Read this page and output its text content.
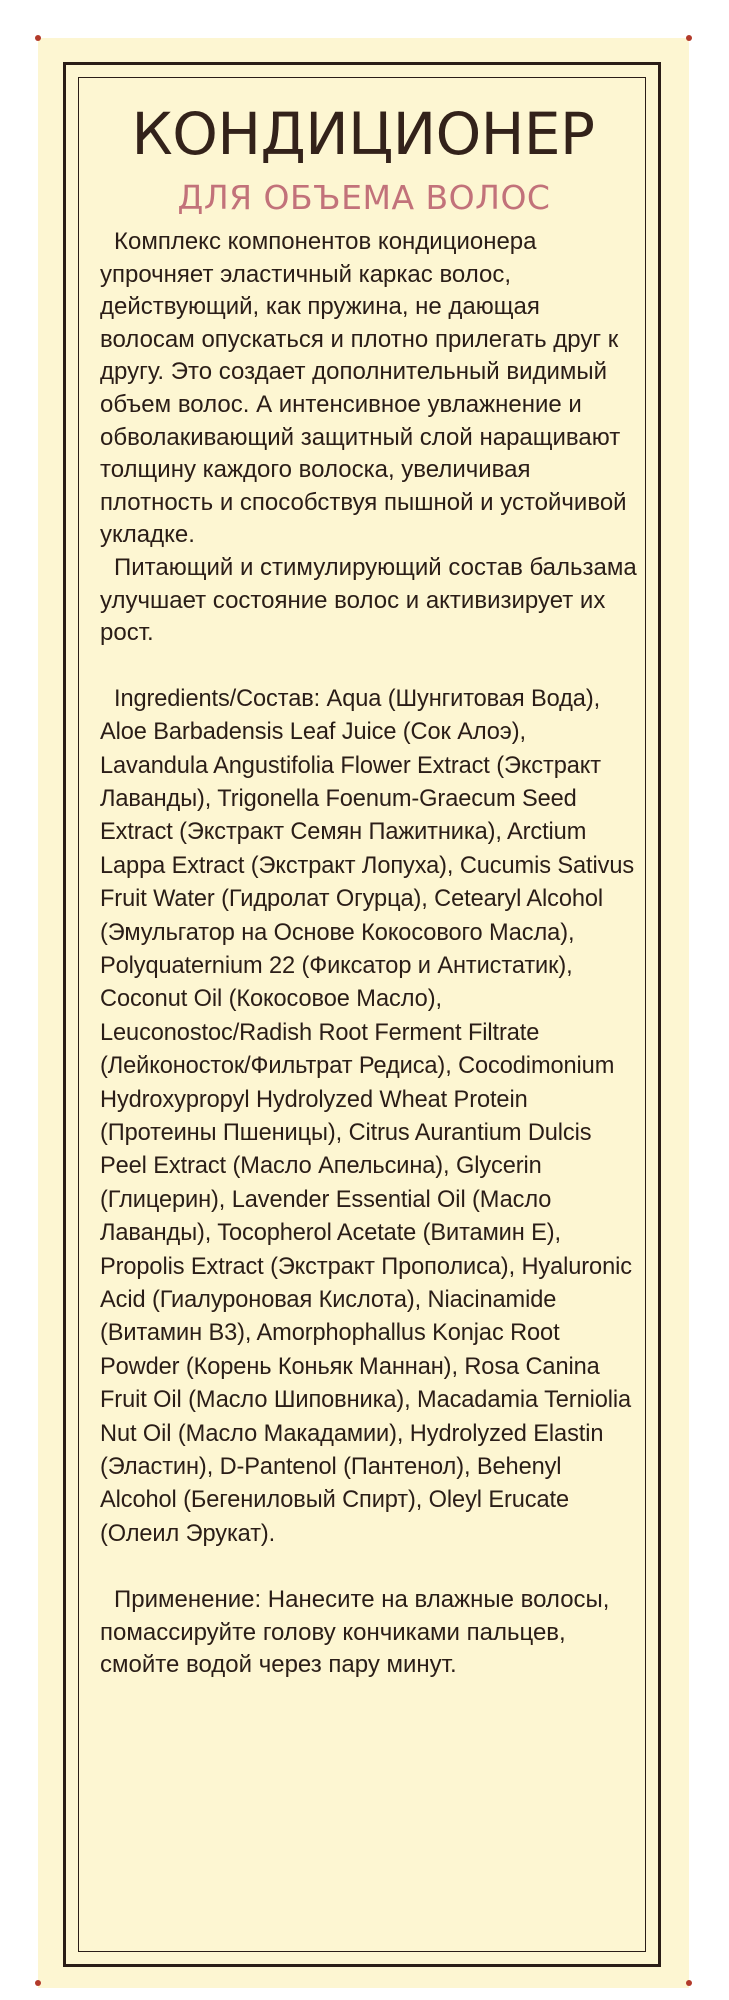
КОНДИЦИОНЕР
ДЛЯ ОБЪЕМА ВОЛОС

Комплекс компонентов кондиционера упрочняет эластичный каркас волос, действующий, как пружина, не дающая волосам опускаться и плотно прилегать друг к другу. Это создает дополнительный видимый объем волос. А интенсивное увлажнение и обволакивающий защитный слой наращивают толщину каждого волоска, увеличивая плотность и способствуя пышной и устойчивой укладке.

Питающий и стимулирующий состав бальзама улучшает состояние волос и активизирует их рост.

Ingredients/Состав: Aqua (Шунгитовая Вода), Aloe Barbadensis Leaf Juice (Сок Алоэ), Lavandula Angustifolia Flower Extract (Экстракт Лаванды), Trigonella Foenum-Graecum Seed Extract (Экстракт Семян Пажитника), Arctium Lappa Extract (Экстракт Лопуха), Cucumis Sativus Fruit Water (Гидролат Огурца), Cetearyl Alcohol (Эмульгатор на Основе Кокосового Масла), Polyquaternium 22 (Фиксатор и Антистатик), Coconut Oil (Кокосовое Масло), Leuconostoc/Radish Root Ferment Filtrate (Лейконосток/Фильтрат Редиса), Cocodimonium Hydroxypropyl Hydrolyzed Wheat Protein (Протеины Пшеницы), Citrus Aurantium Dulcis Peel Extract (Масло Апельсина), Glycerin (Глицерин), Lavender Essential Oil (Масло Лаванды), Tocopherol Acetate (Витамин Е), Propolis Extract (Экстракт Прополиса), Hyaluronic Acid (Гиалуроновая Кислота), Niacinamide (Витамин В3), Amorphophallus Konjac Root Powder (Корень Коньяк Маннан), Rosa Canina Fruit Oil (Масло Шиповника), Macadamia Terniolia Nut Oil (Масло Макадамии), Hydrolyzed Elastin (Эластин), D-Pantenol (Пантенол), Behenyl Alcohol (Бегениловый Спирт), Oleyl Erucate (Олеил Эрукат).

Применение: Нанесите на влажные волосы, помассируйте голову кончиками пальцев, смойте водой через пару минут.
